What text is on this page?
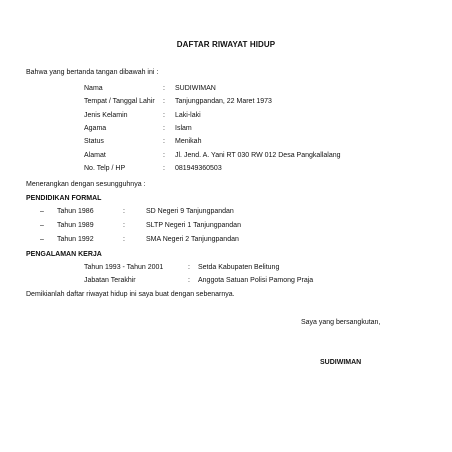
DAFTAR RIWAYAT HIDUP
Bahwa yang bertanda tangan dibawah ini :
Nama	: SUDIWIMAN
Tempat / Tanggal Lahir : Tanjungpandan, 22 Maret 1973
Jenis Kelamin	: Laki-laki
Agama	: Islam
Status	: Menikah
Alamat	: Jl. Jend. A. Yani RT 030 RW 012 Desa Pangkallalang
No. Telp / HP	: 081949360503
Menerangkan dengan sesungguhnya :
PENDIDIKAN FORMAL
– Tahun 1986	:	SD Negeri 9 Tanjungpandan
– Tahun 1989	:	SLTP Negeri 1 Tanjungpandan
– Tahun 1992	:	SMA Negeri 2 Tanjungpandan
PENGALAMAN KERJA
Tahun 1993 - Tahun 2001	: Setda Kabupaten Belitung
Jabatan Terakhir	: Anggota Satuan Polisi Pamong Praja
Demikianlah daftar riwayat hidup ini saya buat dengan sebenarnya.
Saya yang bersangkutan,
SUDIWIMAN
